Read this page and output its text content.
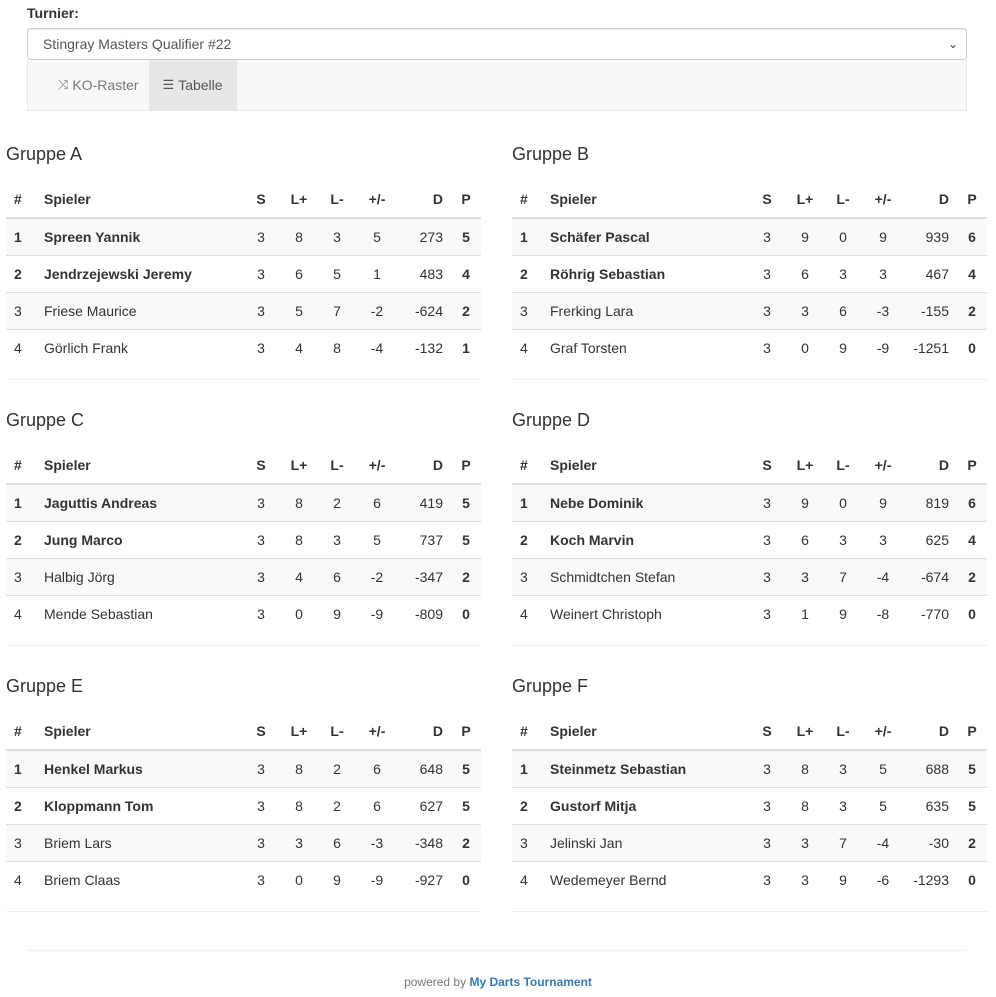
Turnier:
Stingray Masters Qualifier #22	⌄
⤨ KO-Raster ☰ Tabelle
Gruppe A
#	Spieler	S	L+	L-	+/-	D	P
1	Spreen Yannik	3	8	3	5	273	5
2	Jendrzejewski Jeremy	3	6	5	1	483	4
3	Friese Maurice	3	5	7	-2	-624	2
4	Görlich Frank	3	4	8	-4	-132	1
Gruppe B
#	Spieler	S	L+	L-	+/-	D	P
1	Schäfer Pascal	3	9	0	9	939	6
2	Röhrig Sebastian	3	6	3	3	467	4
3	Frerking Lara	3	3	6	-3	-155	2
4	Graf Torsten	3	0	9	-9	-1251	0
Gruppe C
#	Spieler	S	L+	L-	+/-	D	P
1	Jaguttis Andreas	3	8	2	6	419	5
2	Jung Marco	3	8	3	5	737	5
3	Halbig Jörg	3	4	6	-2	-347	2
4	Mende Sebastian	3	0	9	-9	-809	0
Gruppe D
#	Spieler	S	L+	L-	+/-	D	P
1	Nebe Dominik	3	9	0	9	819	6
2	Koch Marvin	3	6	3	3	625	4
3	Schmidtchen Stefan	3	3	7	-4	-674	2
4	Weinert Christoph	3	1	9	-8	-770	0
Gruppe E
#	Spieler	S	L+	L-	+/-	D	P
1	Henkel Markus	3	8	2	6	648	5
2	Kloppmann Tom	3	8	2	6	627	5
3	Briem Lars	3	3	6	-3	-348	2
4	Briem Claas	3	0	9	-9	-927	0
Gruppe F
#	Spieler	S	L+	L-	+/-	D	P
1	Steinmetz Sebastian	3	8	3	5	688	5
2	Gustorf Mitja	3	8	3	5	635	5
3	Jelinski Jan	3	3	7	-4	-30	2
4	Wedemeyer Bernd	3	3	9	-6	-1293	0
powered by My Darts Tournament
